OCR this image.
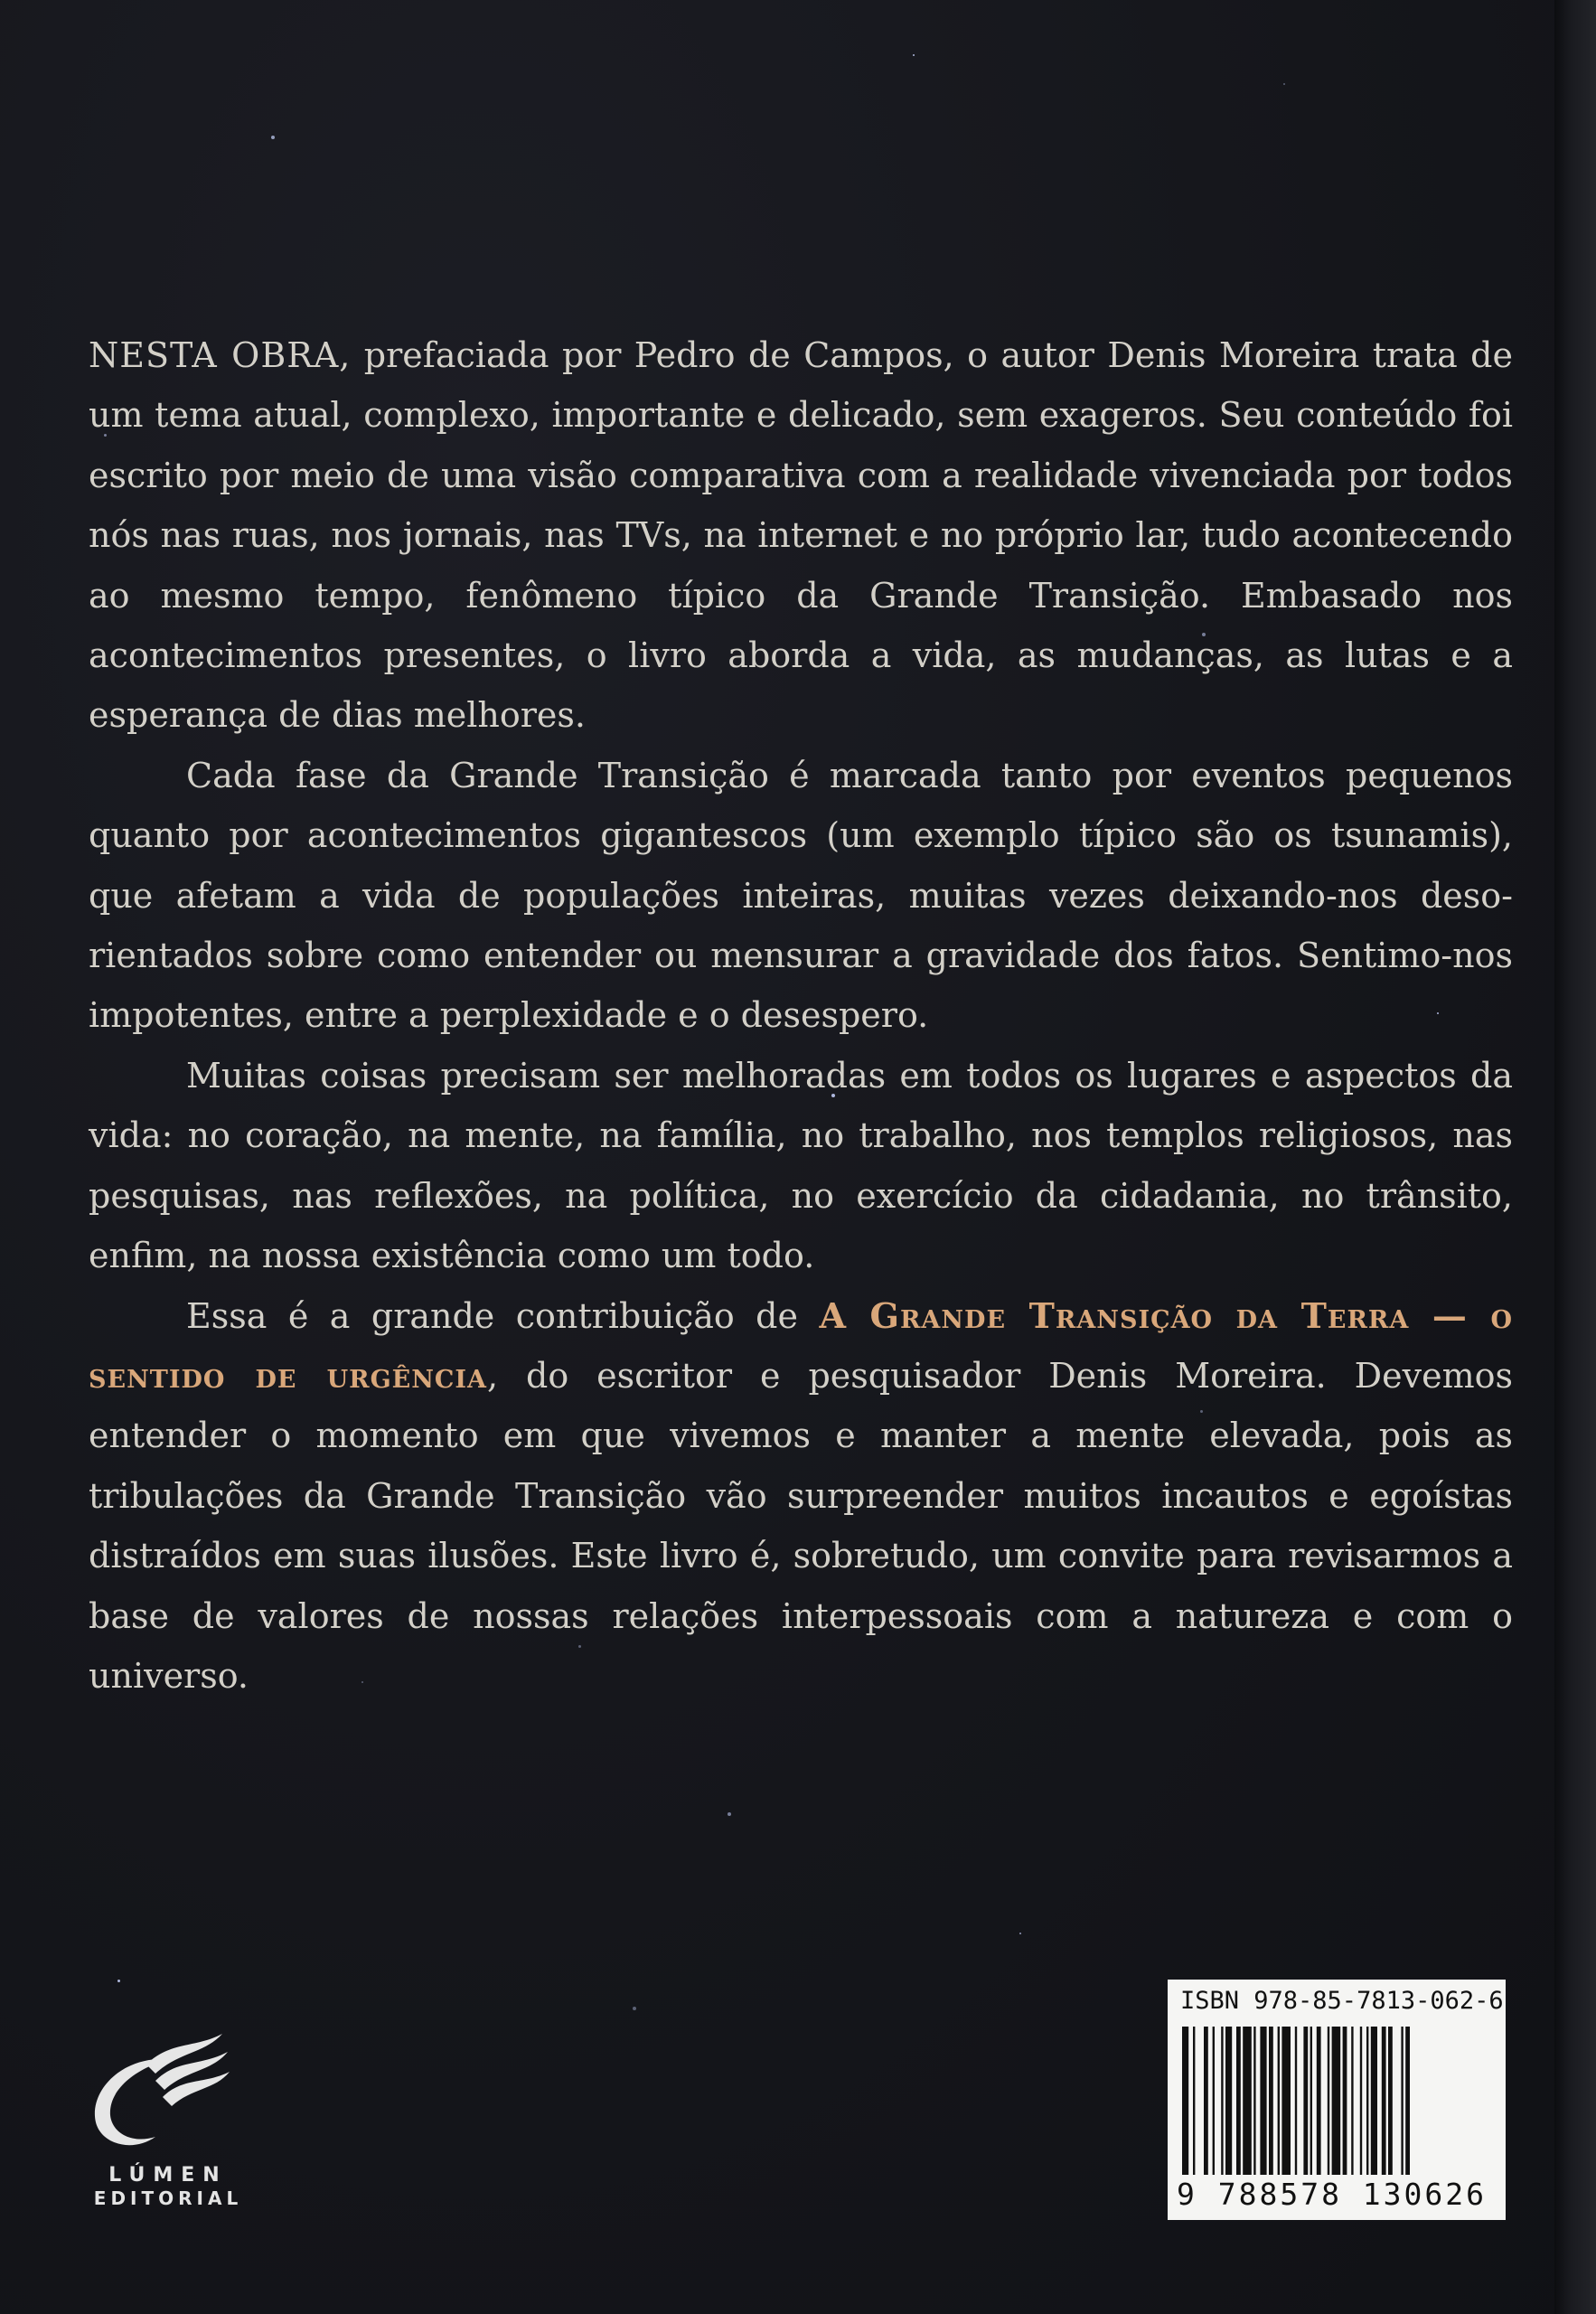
NESTA OBRA, prefaciada por Pedro de Campos, o autor Denis Moreira trata de um tema atual, complexo, importante e delicado, sem exageros. Seu conteúdo foi escrito por meio de uma visão comparativa com a realidade vivenciada por todos nós nas ruas, nos jornais, nas TVs, na internet e no próprio lar, tudo acontecendo ao mesmo tempo, fenômeno típico da Grande Transição. Embasado nos acontecimentos presentes, o livro aborda a vida, as mudanças, as lutas e a esperança de dias melhores.

Cada fase da Grande Transição é marcada tanto por eventos pequenos quanto por acontecimentos gigantescos (um exemplo típico são os tsunamis), que afetam a vida de populações inteiras, muitas vezes deixando-nos desorientados sobre como entender ou mensurar a gravidade dos fatos. Sentimo-nos impotentes, entre a perplexidade e o desespero.

Muitas coisas precisam ser melhoradas em todos os lugares e aspectos da vida: no coração, na mente, na família, no trabalho, nos templos religiosos, nas pesquisas, nas reflexões, na política, no exercício da cidadania, no trânsito, enfim, na nossa existência como um todo.

Essa é a grande contribuição de A Grande Transição da Terra — o sentido de urgência, do escritor e pesquisador Denis Moreira. Devemos entender o momento em que vivemos e manter a mente elevada, pois as tribulações da Grande Transição vão surpreender muitos incautos e egoístas distraídos em suas ilusões. Este livro é, sobretudo, um convite para revisarmos a base de valores de nossas relações interpessoais com a natureza e com o universo.

LÚMEN
EDITORIAL
ISBN 978-85-7813-062-6
9 788578 130626
